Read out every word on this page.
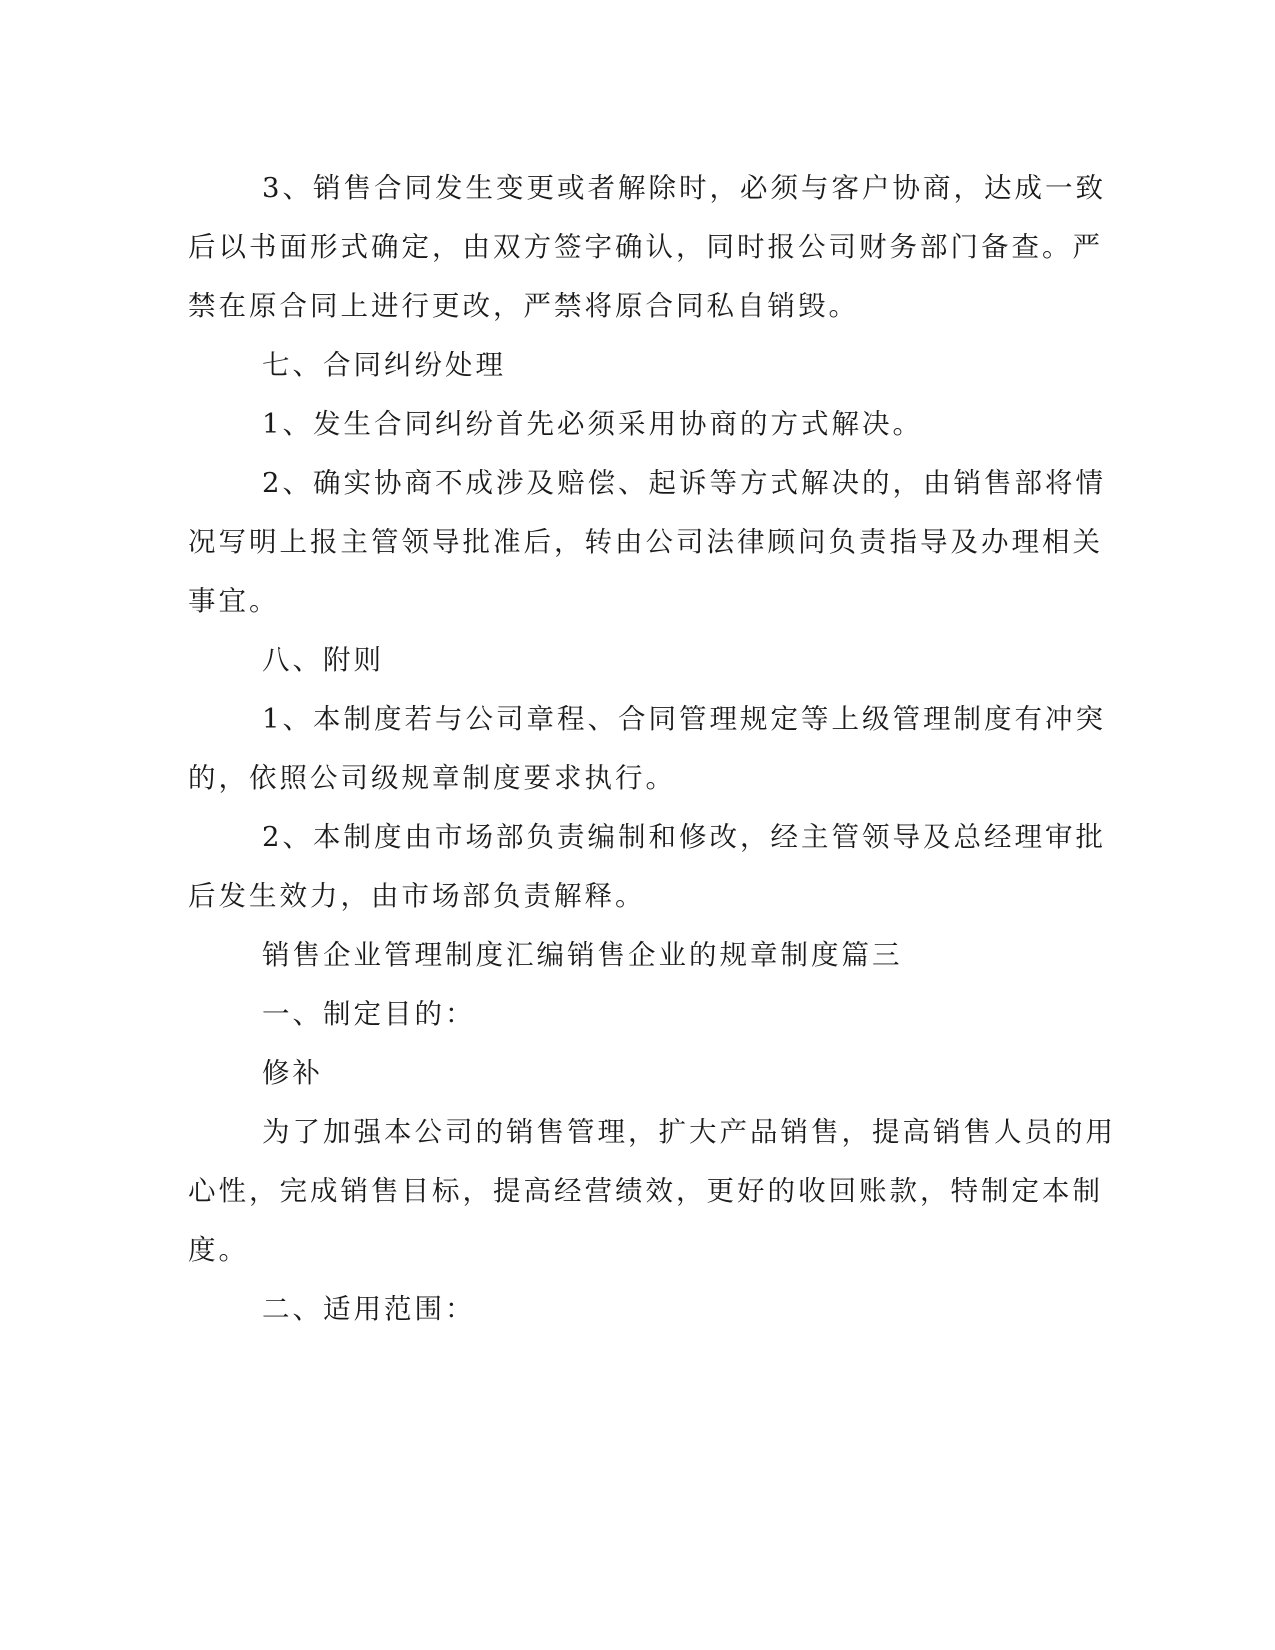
3、销售合同发生变更或者解除时，必须与客户协商，达成一致

后以书面形式确定，由双方签字确认，同时报公司财务部门备查。严

禁在原合同上进行更改，严禁将原合同私自销毁。

七、合同纠纷处理

1、发生合同纠纷首先必须采用协商的方式解决。

2、确实协商不成涉及赔偿、起诉等方式解决的，由销售部将情

况写明上报主管领导批准后，转由公司法律顾问负责指导及办理相关

事宜。

八、附则

1、本制度若与公司章程、合同管理规定等上级管理制度有冲突

的，依照公司级规章制度要求执行。

2、本制度由市场部负责编制和修改，经主管领导及总经理审批

后发生效力，由市场部负责解释。

销售企业管理制度汇编销售企业的规章制度篇三

一、制定目的：

修补

为了加强本公司的销售管理，扩大产品销售，提高销售人员的用

心性，完成销售目标，提高经营绩效，更好的收回账款，特制定本制

度。

二、适用范围：
